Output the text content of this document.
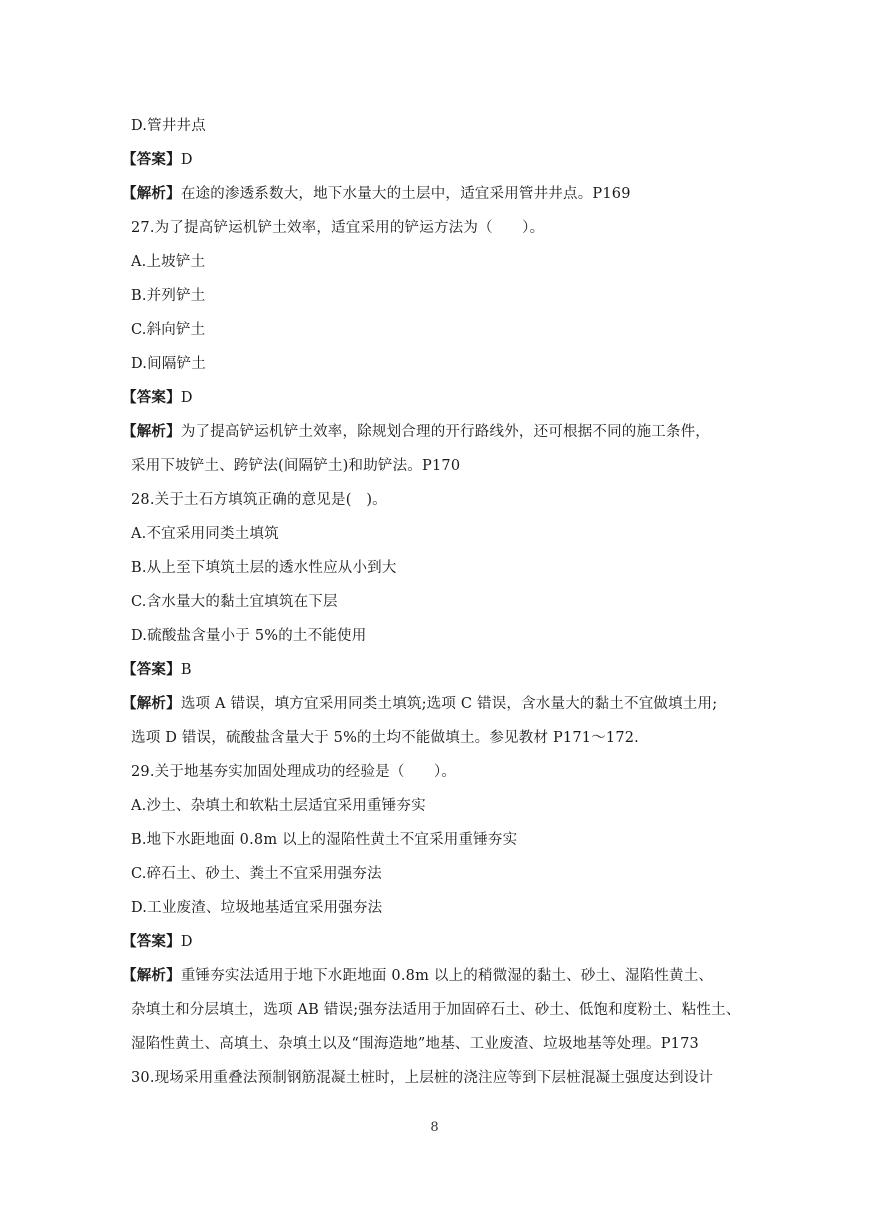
D.管井井点
【答案】D
【解析】在途的渗透系数大，地下水量大的土层中，适宜采用管井井点。P169
27.为了提高铲运机铲土效率，适宜采用的铲运方法为（　　）。
A.上坡铲土
B.并列铲土
C.斜向铲土
D.间隔铲土
【答案】D
【解析】为了提高铲运机铲土效率，除规划合理的开行路线外，还可根据不同的施工条件，
采用下坡铲土、跨铲法(间隔铲土)和助铲法。P170
28.关于土石方填筑正确的意见是(　)。
A.不宜采用同类土填筑
B.从上至下填筑土层的透水性应从小到大
C.含水量大的黏土宜填筑在下层
D.硫酸盐含量小于 5%的土不能使用
【答案】B
【解析】选项 A 错误，填方宜采用同类土填筑;选项 C 错误，含水量大的黏土不宜做填土用;
选项 D 错误，硫酸盐含量大于 5%的土均不能做填土。参见教材 P171～172.
29.关于地基夯实加固处理成功的经验是（　　）。
A.沙土、杂填土和软粘土层适宜采用重锤夯实
B.地下水距地面 0.8m 以上的湿陷性黄土不宜采用重锤夯实
C.碎石土、砂土、粪土不宜采用强夯法
D.工业废渣、垃圾地基适宜采用强夯法
【答案】D
【解析】重锤夯实法适用于地下水距地面 0.8m 以上的稍微湿的黏土、砂土、湿陷性黄土、
杂填土和分层填土，选项 AB 错误;强夯法适用于加固碎石土、砂土、低饱和度粉土、粘性土、
湿陷性黄土、高填土、杂填土以及“围海造地”地基、工业废渣、垃圾地基等处理。P173
30.现场采用重叠法预制钢筋混凝土桩时，上层桩的浇注应等到下层桩混凝土强度达到设计
8
